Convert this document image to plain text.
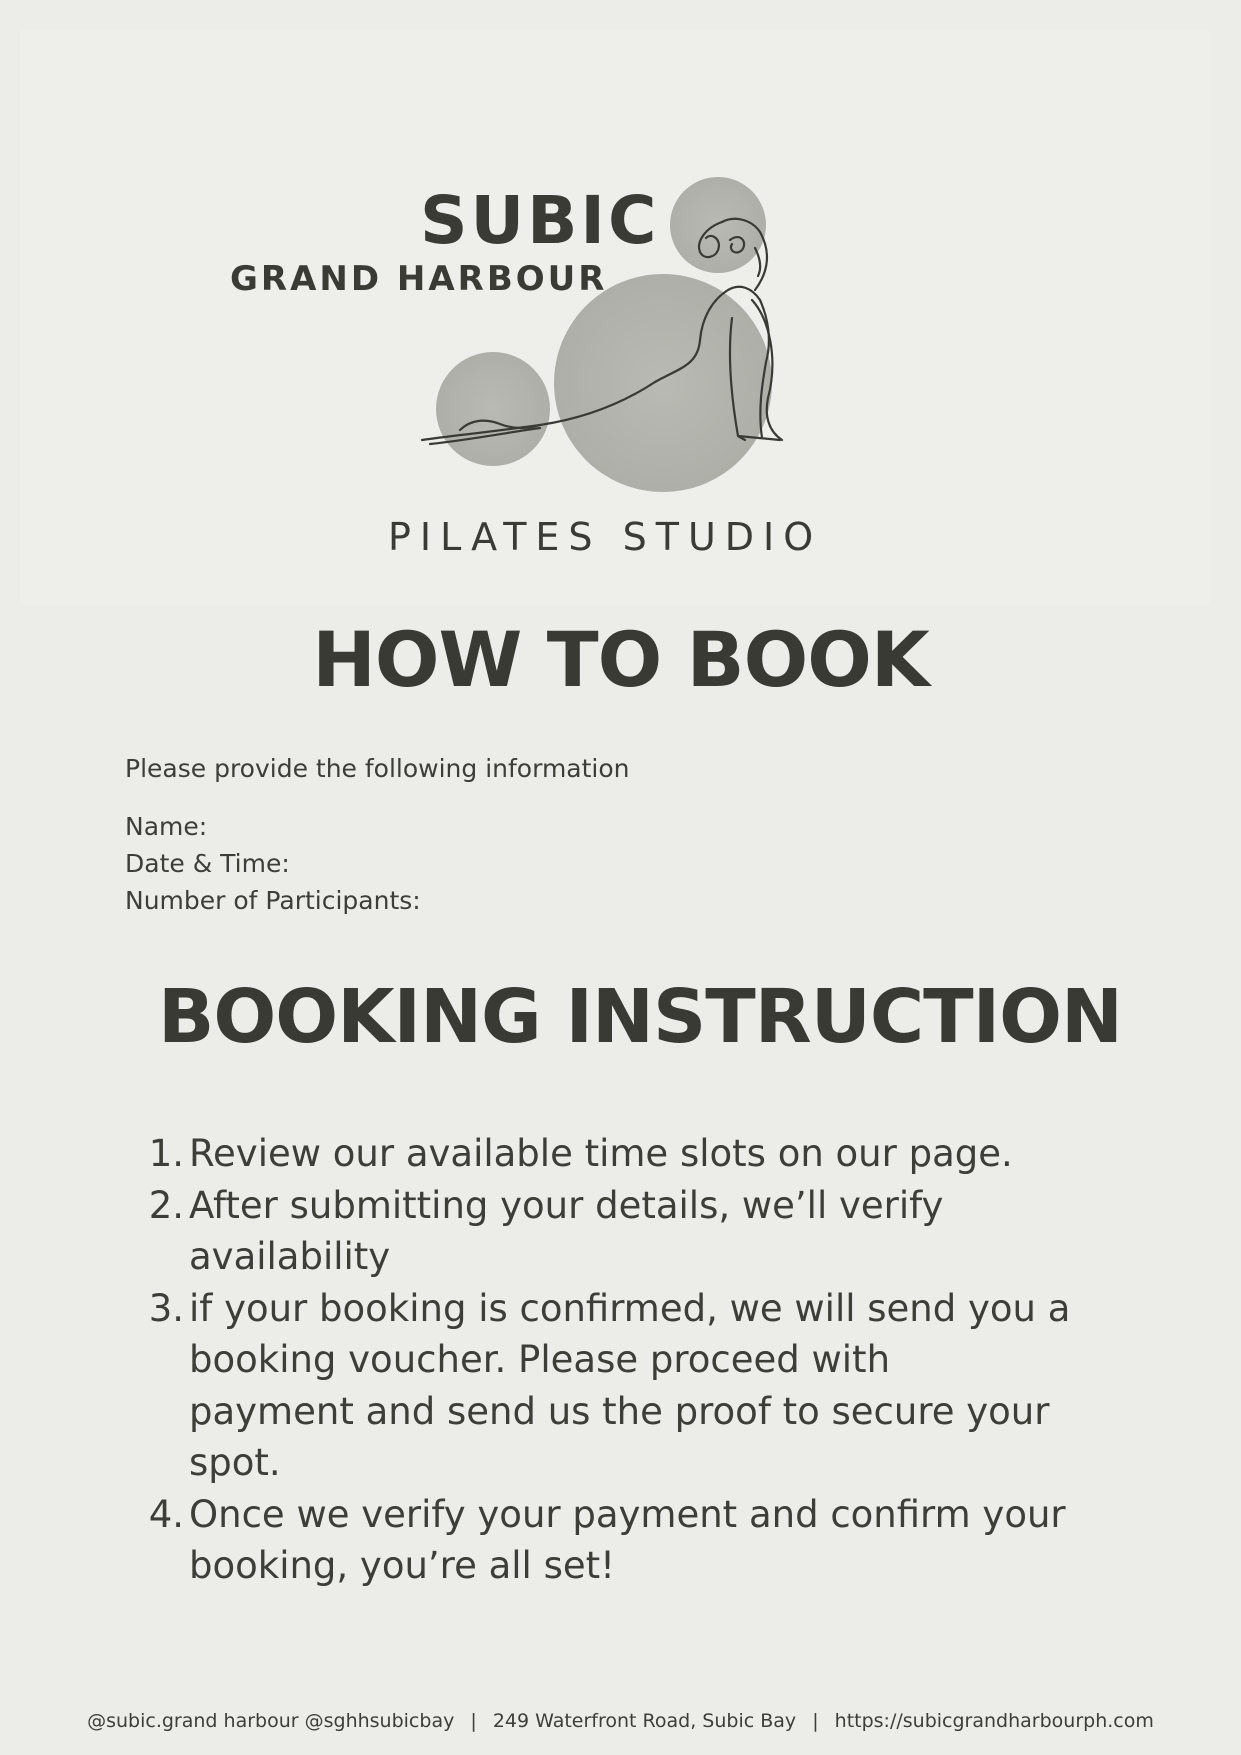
SUBIC
GRAND HARBOUR
PILATES STUDIO
HOW TO BOOK
Please provide the following information
Name:
Date & Time:
Number of Participants:
BOOKING INSTRUCTION
1. Review our available time slots on our page.
2. After submitting your details, we’ll verify
availability
3. if your booking is confirmed, we will send you a
booking voucher. Please proceed with
payment and send us the proof to secure your
spot.
4. Once we verify your payment and confirm your
booking, you’re all set!
@subic.grand harbour @sghhsubicbay | 249 Waterfront Road, Subic Bay | https://subicgrandharbourph.com
